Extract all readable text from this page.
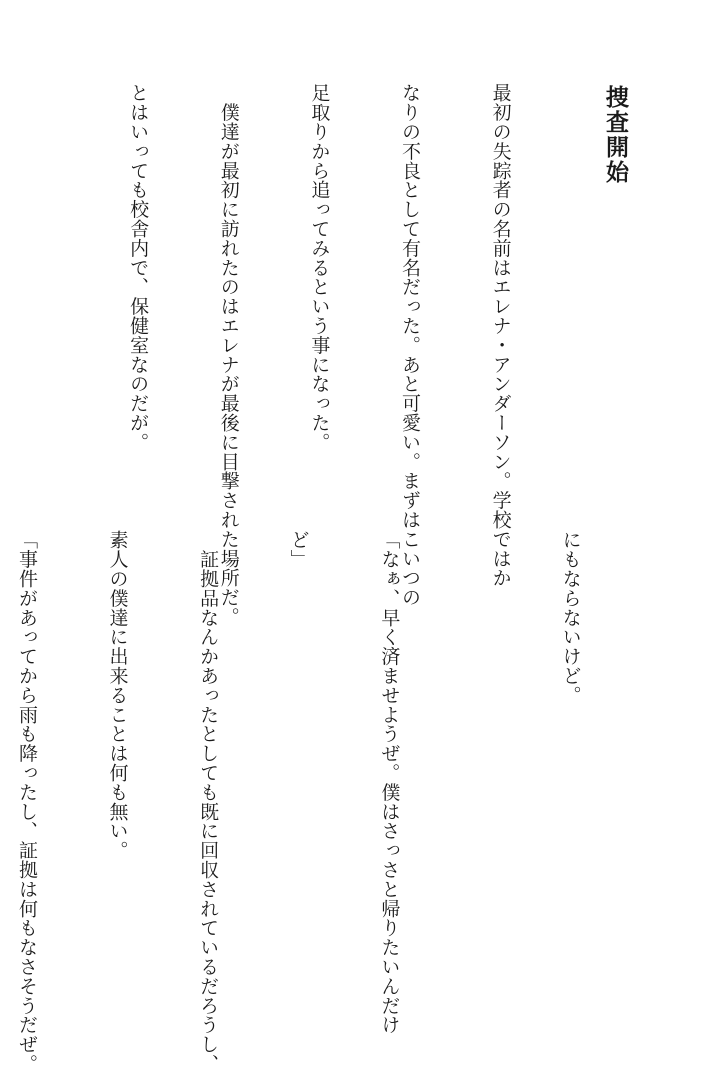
捜査開始

最初の失踪者の名前はエレナ・アンダーソン。学校ではか

なりの不良として有名だった。あと可愛い。まずはこいつの

足取りから追ってみるという事になった。

　僕達が最初に訪れたのはエレナが最後に目撃された場所だ。

とはいっても校舎内で、保健室なのだが。

にもならないけど。

「なぁ、早く済ませようぜ。僕はさっさと帰りたいんだけ

ど」

　証拠品なんかあったとしても既に回収されているだろうし、

素人の僕達に出来ることは何も無い。

「事件があってから雨も降ったし、証拠は何もなさそうだぜ。
